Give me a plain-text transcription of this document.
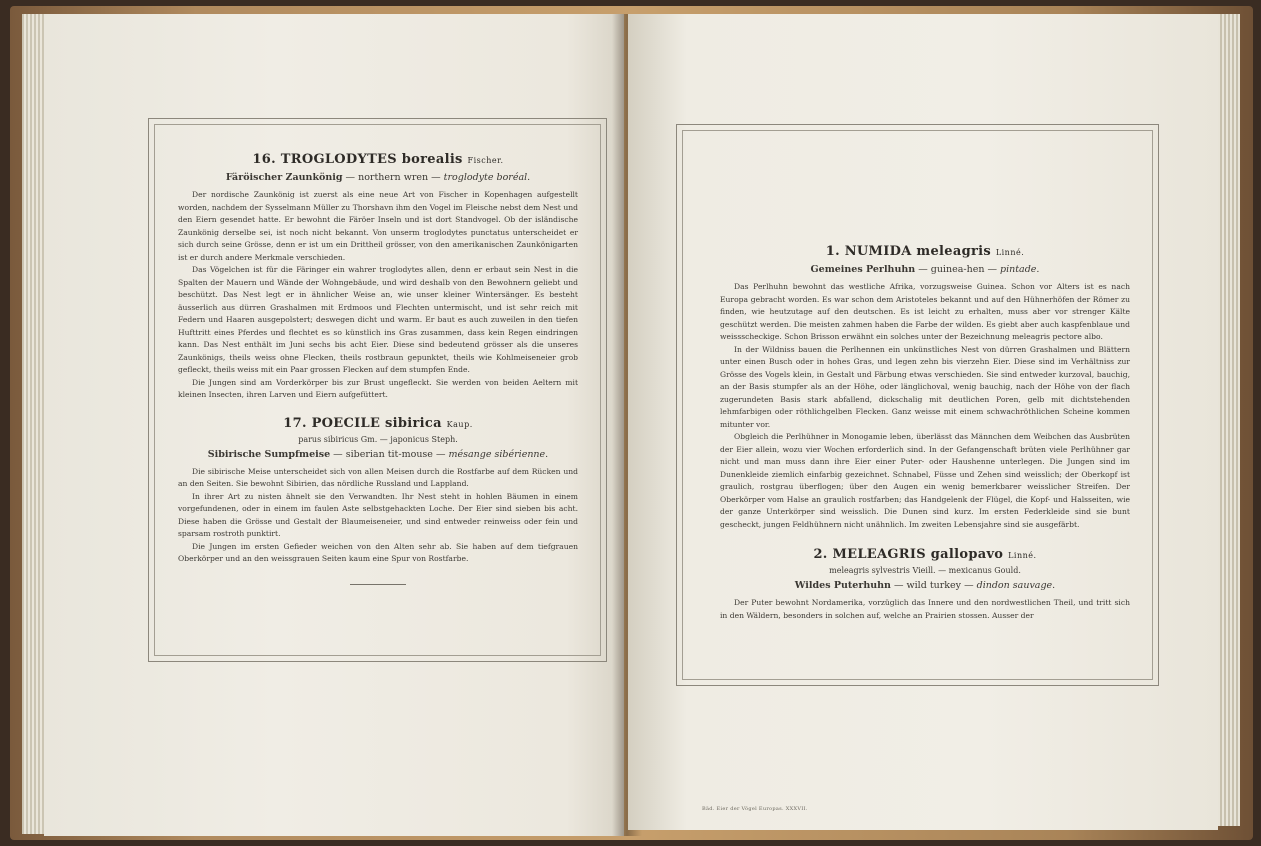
16. TROGLODYTES borealis Fischer.

Färöischer Zaunkönig — northern wren — troglodyte boréal.

Der nordische Zaunkönig ist zuerst als eine neue Art von Fischer in Kopenhagen aufgestellt worden, nachdem der Sysselmann Müller zu Thorshavn ihm den Vogel im Fleische nebst dem Nest und den Eiern gesendet hatte. Er bewohnt die Färöer Inseln und ist dort Standvogel. Ob der isländische Zaunkönig derselbe sei, ist noch nicht bekannt. Von unserm troglodytes punctatus unterscheidet er sich durch seine Grösse, denn er ist um ein Drittheil grösser, von den amerikanischen Zaunkönigarten ist er durch andere Merkmale verschieden.

Das Vögelchen ist für die Färinger ein wahrer troglodytes allen, denn er erbaut sein Nest in die Spalten der Mauern und Wände der Wohngebäude, und wird deshalb von den Bewohnern geliebt und beschützt. Das Nest legt er in ähnlicher Weise an, wie unser kleiner Wintersänger. Es besteht äusserlich aus dürren Grashalmen mit Erdmoos und Flechten untermischt, und ist sehr reich mit Federn und Haaren ausgepolstert; deswegen dicht und warm. Er baut es auch zuweilen in den tiefen Hufttritt eines Pferdes und flechtet es so künstlich ins Gras zusammen, dass kein Regen eindringen kann. Das Nest enthält im Juni sechs bis acht Eier. Diese sind bedeutend grösser als die unseres Zaunkönigs, theils weiss ohne Flecken, theils rostbraun gepunktet, theils wie Kohlmeiseneier grob gefleckt, theils weiss mit ein Paar grossen Flecken auf dem stumpfen Ende.

Die Jungen sind am Vorderkörper bis zur Brust ungefleckt. Sie werden von beiden Aeltern mit kleinen Insecten, ihren Larven und Eiern aufgefüttert.

17. POECILE sibirica Kaup.

parus sibiricus Gm. — japonicus Steph.

Sibirische Sumpfmeise — siberian tit-mouse — mésange sibérienne.

Die sibirische Meise unterscheidet sich von allen Meisen durch die Rostfarbe auf dem Rücken und an den Seiten. Sie bewohnt Sibirien, das nördliche Russland und Lappland.

In ihrer Art zu nisten ähnelt sie den Verwandten. Ihr Nest steht in hohlen Bäumen in einem vorgefundenen, oder in einem im faulen Aste selbstgehackten Loche. Der Eier sind sieben bis acht. Diese haben die Grösse und Gestalt der Blaumeiseneier, und sind entweder reinweiss oder fein und sparsam rostroth punktirt.

Die Jungen im ersten Gefieder weichen von den Alten sehr ab. Sie haben auf dem tiefgrauen Oberkörper und an den weissgrauen Seiten kaum eine Spur von Rostfarbe.

1. NUMIDA meleagris Linné.

Gemeines Perlhuhn — guinea-hen — pintade.

Das Perlhuhn bewohnt das westliche Afrika, vorzugsweise Guinea. Schon vor Alters ist es nach Europa gebracht worden. Es war schon dem Aristoteles bekannt und auf den Hühnerhöfen der Römer zu finden, wie heutzutage auf den deutschen. Es ist leicht zu erhalten, muss aber vor strenger Kälte geschützt werden. Die meisten zahmen haben die Farbe der wilden. Es giebt aber auch kaspfenblaue und weissscheckige. Schon Brisson erwähnt ein solches unter der Bezeichnung meleagris pectore albo.

In der Wildniss bauen die Perlhennen ein unkünstliches Nest von dürren Grashalmen und Blättern unter einen Busch oder in hohes Gras, und legen zehn bis vierzehn Eier. Diese sind im Verhältniss zur Grösse des Vogels klein, in Gestalt und Färbung etwas verschieden. Sie sind entweder kurzoval, bauchig, an der Basis stumpfer als an der Höhe, oder länglichoval, wenig bauchig, nach der Höhe von der flach zugerundeten Basis stark abfallend, dickschalig mit deutlichen Poren, gelb mit dichtstehenden lehmfarbigen oder röthlichgelben Flecken. Ganz weisse mit einem schwachröthlichen Scheine kommen mitunter vor.

Obgleich die Perlhühner in Monogamie leben, überlässt das Männchen dem Weibchen das Ausbrüten der Eier allein, wozu vier Wochen erforderlich sind. In der Gefangenschaft brüten viele Perlhühner gar nicht und man muss dann ihre Eier einer Puter- oder Haushenne unterlegen. Die Jungen sind im Dunenkleide ziemlich einfarbig gezeichnet. Schnabel, Füsse und Zehen sind weisslich; der Oberkopf ist graulich, rostgrau überflogen; über den Augen ein wenig bemerkbarer weisslicher Streifen. Der Oberkörper vom Halse an graulich rostfarben; das Handgelenk der Flügel, die Kopf- und Halsseiten, wie der ganze Unterkörper sind weisslich. Die Dunen sind kurz. Im ersten Federkleide sind sie bunt gescheckt, jungen Feldhühnern nicht unähnlich. Im zweiten Lebensjahre sind sie ausgefärbt.

2. MELEAGRIS gallopavo Linné.

meleagris sylvestris Vieill. — mexicanus Gould.

Wildes Puterhuhn — wild turkey — dindon sauvage.

Der Puter bewohnt Nordamerika, vorzüglich das Innere und den nordwestlichen Theil, und tritt sich in den Wäldern, besonders in solchen auf, welche an Prairien stossen. Ausser der

Bäd. Eier der Vögel Europas. XXXVII.
